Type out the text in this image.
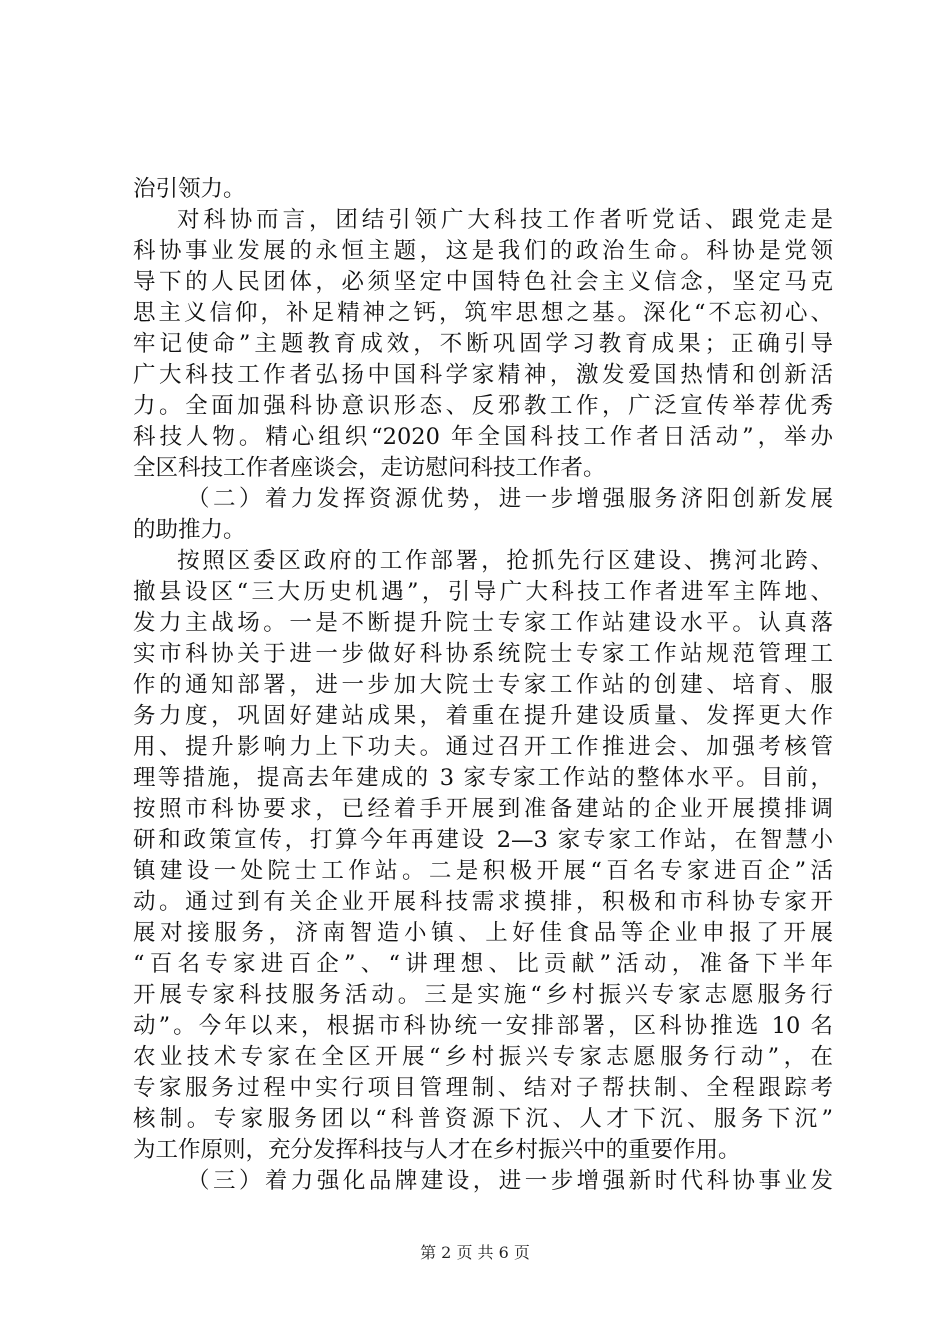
治引领力。
对科协而言，团结引领广大科技工作者听党话、跟党走是
科协事业发展的永恒主题，这是我们的政治生命。科协是党领
导下的人民团体，必须坚定中国特色社会主义信念，坚定马克
思主义信仰，补足精神之钙，筑牢思想之基。深化“不忘初心、
牢记使命”主题教育成效，不断巩固学习教育成果；正确引导
广大科技工作者弘扬中国科学家精神，激发爱国热情和创新活
力。全面加强科协意识形态、反邪教工作，广泛宣传举荐优秀
科技人物。精心组织“2020 年全国科技工作者日活动”，举办
全区科技工作者座谈会，走访慰问科技工作者。
（二）着力发挥资源优势，进一步增强服务济阳创新发展
的助推力。
按照区委区政府的工作部署，抢抓先行区建设、携河北跨、
撤县设区“三大历史机遇”，引导广大科技工作者进军主阵地、
发力主战场。一是不断提升院士专家工作站建设水平。认真落
实市科协关于进一步做好科协系统院士专家工作站规范管理工
作的通知部署，进一步加大院士专家工作站的创建、培育、服
务力度，巩固好建站成果，着重在提升建设质量、发挥更大作
用、提升影响力上下功夫。通过召开工作推进会、加强考核管
理等措施，提高去年建成的 3 家专家工作站的整体水平。目前，
按照市科协要求，已经着手开展到准备建站的企业开展摸排调
研和政策宣传，打算今年再建设 2—3 家专家工作站，在智慧小
镇建设一处院士工作站。二是积极开展“百名专家进百企”活
动。通过到有关企业开展科技需求摸排，积极和市科协专家开
展对接服务，济南智造小镇、上好佳食品等企业申报了开展
“百名专家进百企”、“讲理想、比贡献”活动，准备下半年
开展专家科技服务活动。三是实施“乡村振兴专家志愿服务行
动”。今年以来，根据市科协统一安排部署，区科协推选 10 名
农业技术专家在全区开展“乡村振兴专家志愿服务行动”，在
专家服务过程中实行项目管理制、结对子帮扶制、全程跟踪考
核制。专家服务团以“科普资源下沉、人才下沉、服务下沉”
为工作原则，充分发挥科技与人才在乡村振兴中的重要作用。
（三）着力强化品牌建设，进一步增强新时代科协事业发
第 2 页 共 6 页
